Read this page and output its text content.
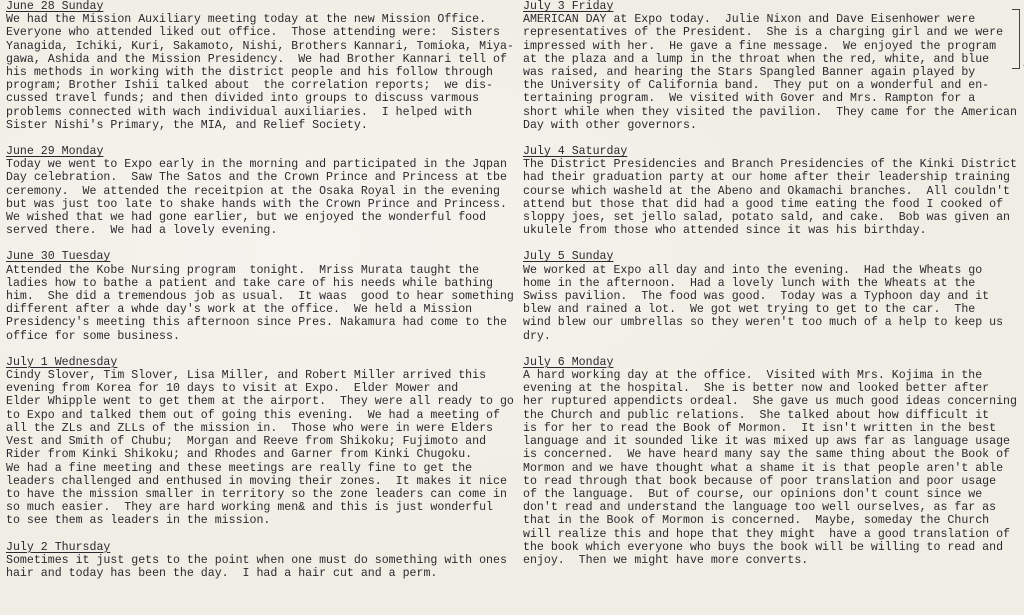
June 28 Sunday
We had the Mission Auxiliary meeting today at the new Mission Office.
Everyone who attended liked out office.  Those attending were:  Sisters
Yanagida, Ichiki, Kuri, Sakamoto, Nishi, Brothers Kannari, Tomioka, Miya-
gawa, Ashida and the Mission Presidency.  We had Brother Kannari tell of
his methods in working with the district people and his follow through
program; Brother Ishii talked about  the correlation reports;  we dis-
cussed travel funds; and then divided into groups to discuss varmous
problems connected with wach individual auxiliaries.  I helped with
Sister Nishi's Primary, the MIA, and Relief Society.
June 29 Monday
Today we went to Expo early in the morning and participated in the Jqpan
Day celebration.  Saw The Satos and the Crown Prince and Princess at tbe
ceremony.  We attended the receitpion at the Osaka Royal in the evening
but was just too late to shake hands with the Crown Prince and Princess.
We wished that we had gone earlier, but we enjoyed the wonderful food
served there.  We had a lovely evening.
June 30 Tuesday
Attended the Kobe Nursing program  tonight.  Mriss Murata taught the
ladies how to bathe a patient and take care of his needs while bathing
him.  She did a tremendous job as usual.  It waas  good to hear something
different after a whde day's work at the office.  We held a Mission
Presidency's meeting this afternoon since Pres. Nakamura had come to the
office for some business.
July 1 Wednesday
Cindy Slover, Tim Slover, Lisa Miller, and Robert Miller arrived this
evening from Korea for 10 days to visit at Expo.  Elder Mower and
Elder Whipple went to get them at the airport.  They were all ready to go
to Expo and talked them out of going this evening.  We had a meeting of
all the ZLs and ZLLs of the mission in.  Those who were in were Elders
Vest and Smith of Chubu;  Morgan and Reeve from Shikoku; Fujimoto and
Rider from Kinki Shikoku; and Rhodes and Garner from Kinki Chugoku.
We had a fine meeting and these meetings are really fine to get the
leaders challenged and enthused in moving their zones.  It makes it nice
to have the mission smaller in territory so the zone leaders can come in
so much easier.  They are hard working men& and this is just wonderful
to see them as leaders in the mission.
July 2 Thursday
Sometimes it just gets to the point when one must do something with ones
hair and today has been the day.  I had a hair cut and a perm.
July 3 Friday
AMERICAN DAY at Expo today.  Julie Nixon and Dave Eisenhower were
representatives of the President.  She is a charging girl and we were
impressed with her.  He gave a fine message.  We enjoyed the program
at the plaza and a lump in the throat when the red, white, and blue
was raised, and hearing the Stars Spangled Banner again played by
the University of California band.  They put on a wonderful and en-
tertaining program.  We visited with Gover and Mrs. Rampton for a
short while when they visited the pavilion.  They came for the American
Day with other governors.
July 4 Saturday
The District Presidencies and Branch Presidencies of the Kinki District
had their graduation party at our home after their leadership training
course which washeld at the Abeno and Okamachi branches.  All couldn't
attend but those that did had a good time eating the food I cooked of
sloppy joes, set jello salad, potato sald, and cake.  Bob was given an
ukulele from those who attended since it was his birthday.
July 5 Sunday
We worked at Expo all day and into the evening.  Had the Wheats go
home in the afternoon.  Had a lovely lunch with the Wheats at the
Swiss pavilion.  The food was good.  Today was a Typhoon day and it
blew and rained a lot.  We got wet trying to get to the car.  The
wind blew our umbrellas so they weren't too much of a help to keep us
dry.
July 6 Monday
A hard working day at the office.  Visited with Mrs. Kojima in the
evening at the hospital.  She is better now and looked better after
her ruptured appendicts ordeal.  She gave us much good ideas concerning
the Church and public relations.  She talked about how difficult it
is for her to read the Book of Mormon.  It isn't written in the best
language and it sounded like it was mixed up aws far as language usage
is concerned.  We have heard many say the same thing about the Book of
Mormon and we have thought what a shame it is that people aren't able
to read through that book because of poor translation and poor usage
of the language.  But of course, our opinions don't count since we
don't read and understand the language too well ourselves, as far as
that in the Book of Mormon is concerned.  Maybe, someday the Church
will realize this and hope that they might  have a good translation of
the book which everyone who buys the book will be willing to read and
enjoy.  Then we might have more converts.
